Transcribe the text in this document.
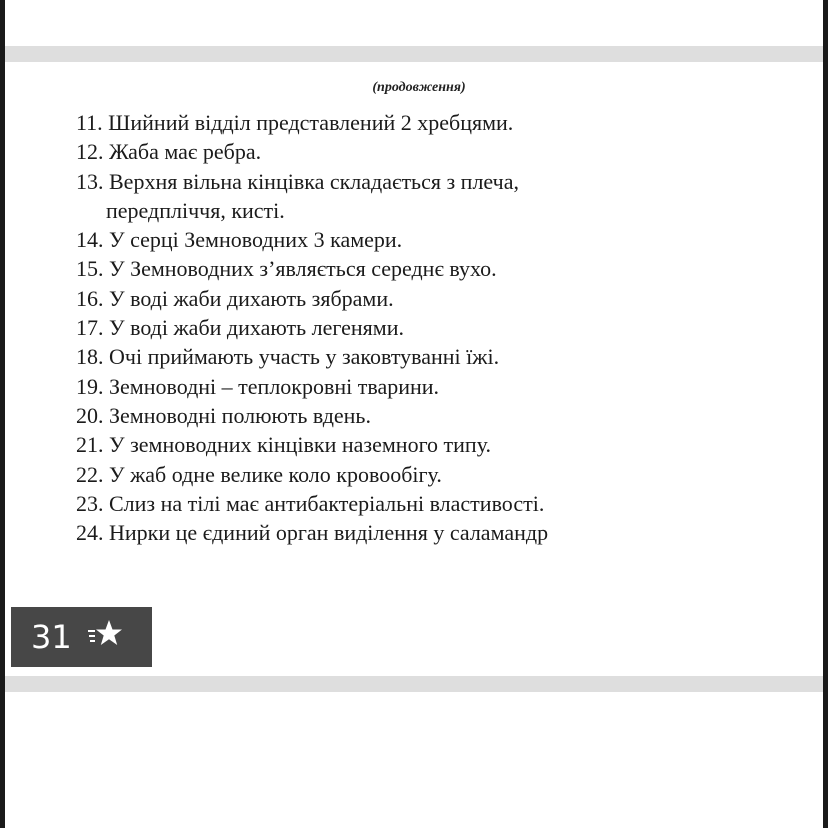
(продовження)
11. Шийний відділ представлений 2 хребцями.
12. Жаба має ребра.
13. Верхня вільна кінцівка складається з плеча,
передпліччя, кисті.
14. У серці Земноводних 3 камери.
15. У Земноводних з’являється середнє вухо.
16. У воді жаби дихають зябрами.
17. У воді жаби дихають легенями.
18. Очі приймають участь у заковтуванні їжі.
19. Земноводні – теплокровні тварини.
20. Земноводні полюють вдень.
21. У земноводних кінцівки наземного типу.
22. У жаб одне велике коло кровообігу.
23. Слиз на тілі має антибактеріальні властивості.
24. Нирки це єдиний орган виділення у саламандр
31
